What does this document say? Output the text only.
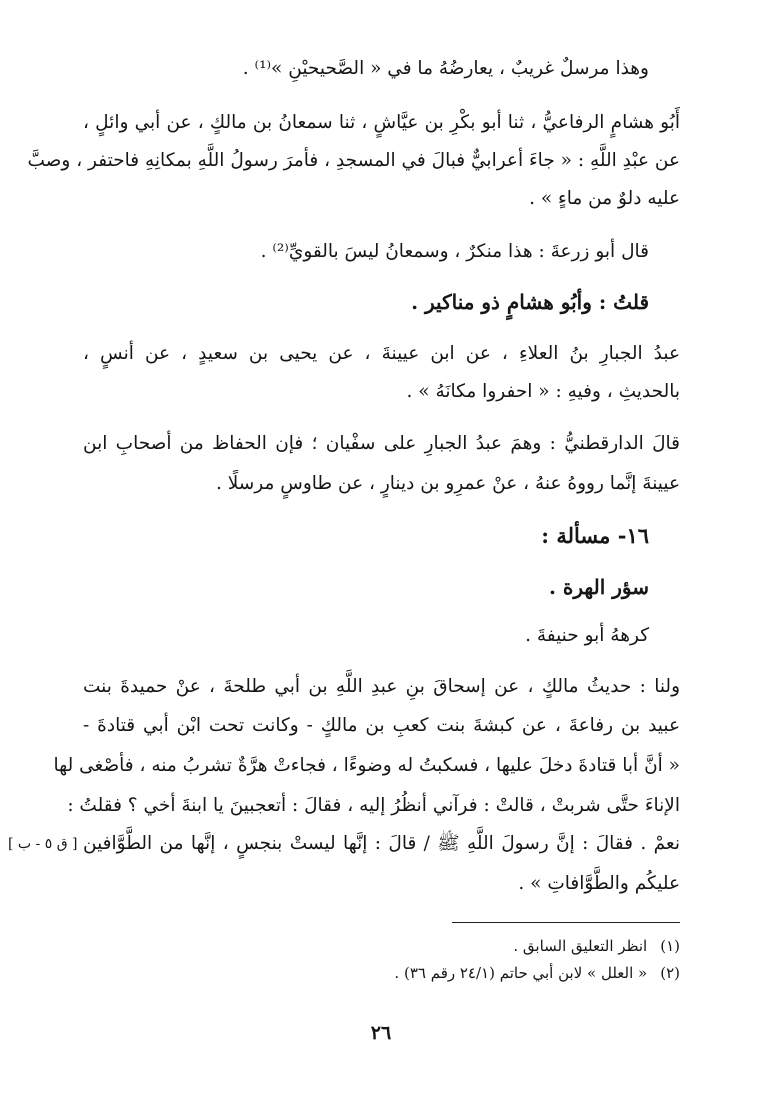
وهذا مرسلٌ غريبٌ ، يعارضُهُ ما في « الصَّحيحيْنِ »⁽¹⁾ .
أَبُو هشامٍ الرفاعيُّ ، ثنا أبو بكْرِ بن عيَّاشٍ ، ثنا سمعانُ بن مالكٍ ، عن أبي وائلٍ ،
عن عبْدِ اللَّهِ : « جاءَ أعرابيٌّ فبالَ في المسجدِ ، فأمرَ رسولُ اللَّهِ بمكانِهِ فاحتفر ، وصبَّ
عليه دلوٌ من ماءٍ » .
قال أبو زرعةَ : هذا منكرٌ ، وسمعانُ ليسَ بالقويِّ⁽²⁾ .
قلتُ : وأبُو هشامٍ ذو مناكير .
عبدُ الجبارِ بنُ العلاءِ ، عن ابن عيينةَ ، عن يحيى بن سعيدٍ ، عن أنسٍ ،
بالحديثِ ، وفيهِ : « احفروا مكانَهُ » .
قالَ الدارقطنيُّ : وهمَ عبدُ الجبارِ على سفْيان ؛ فإن الحفاظ من أصحابِ ابن
عيينةَ إنَّما رووهُ عنهُ ، عنْ عمرِو بن دينارٍ ، عن طاوسٍ مرسلًا .
١٦- مسألة :
سؤر الهرة .
كرههُ أبو حنيفةَ .
ولنا : حديثُ مالكٍ ، عن إسحاقَ بنِ عبدِ اللَّهِ بن أبي طلحةَ ، عنْ حميدةَ بنت
عبيد بن رفاعةَ ، عن كبشةَ بنت كعبِ بن مالكٍ - وكانت تحت ابْن أبي قتادةَ -
« أنَّ أبا قتادةَ دخلَ عليها ، فسكبتُ له وضوءًا ، فجاءتْ هرَّةٌ تشربُ منه ، فأصْغى لها
الإناءَ حتَّى شربتْ ، قالتْ : فرآني أنظُرُ إليه ، فقالَ : أتعجبينَ يا ابنةَ أخي ؟ فقلتُ :
نعمْ . فقالَ : إنَّ رسولَ اللَّهِ ﷺ / قالَ : إنَّها ليستْ بنجسٍ ، إنَّها من الطَّوَّافين
عليكُم والطَّوَّافاتِ » .
[ ق ٥ - ب ]
(١) انظر التعليق السابق .
(٢) « العلل » لابن أبي حاتم (٢٤/١ رقم ٣٦) .
٢٦
